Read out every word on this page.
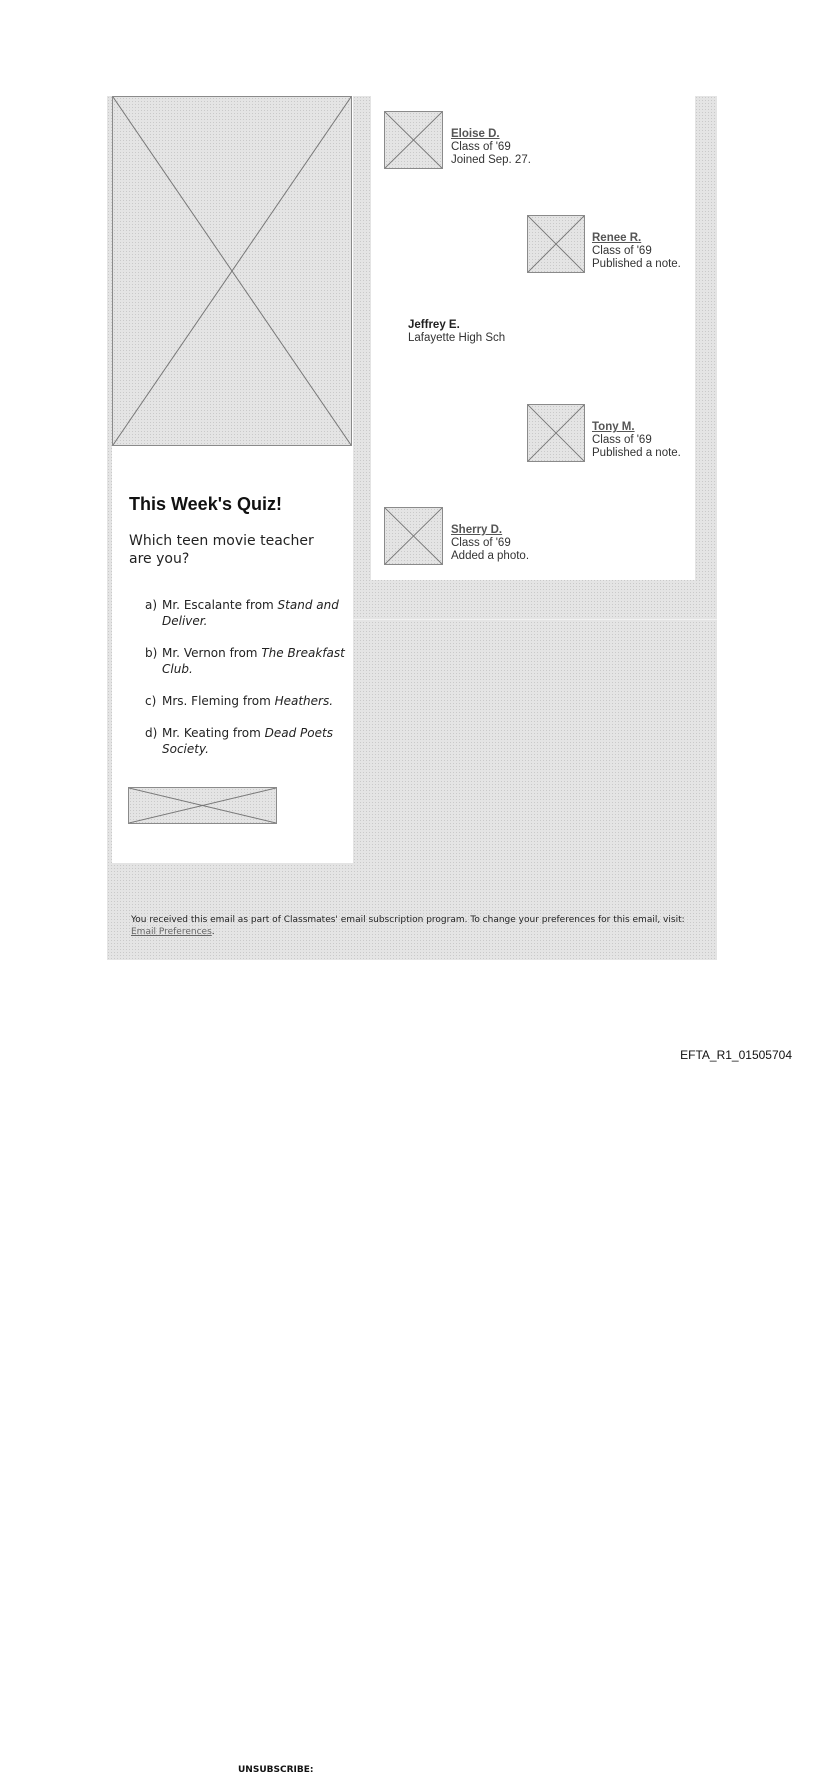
This Week's Quiz!
Which teen movie teacher are you?
a) Mr. Escalante from Stand and Deliver.
b) Mr. Vernon from The Breakfast Club.
c) Mrs. Fleming from Heathers.
d) Mr. Keating from Dead Poets Society.
Eloise D.
Class of '69
Joined Sep. 27.
Renee R.
Class of '69
Published a note.
Jeffrey E.
Lafayette High Sch
Tony M.
Class of '69
Published a note.
Sherry D.
Class of '69
Added a photo.
UNSUBSCRIBE:
You received this email as part of Classmates' email subscription program. To change your preferences for this email, visit: Email Preferences.
EFTA_R1_01505704
